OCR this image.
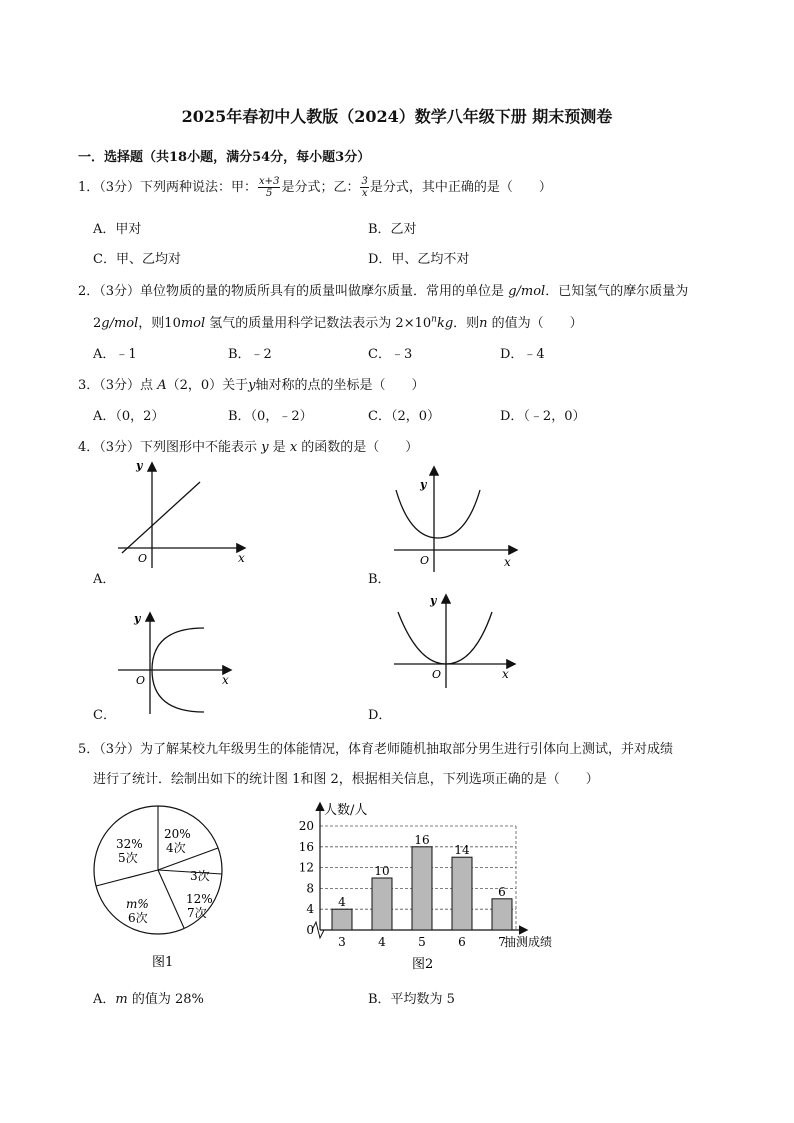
2025年春初中人教版（2024）数学八年级下册 期末预测卷
一．选择题（共18小题，满分54分，每小题3分）
1．（3分）下列两种说法：甲： $\frac{x+3}{5}$ 是分式；乙： $\frac{3}{x}$ 是分式，其中正确的是（　　）
A．甲对	B．乙对
C．甲、乙均对	D．甲、乙均不对
2．（3分）单位物质的量的物质所具有的质量叫做摩尔质量．常用的单位是 g/mol．已知氢气的摩尔质量为
2g/mol，则10mol 氢气的质量用科学记数法表示为 $2\times 10^nkg$．则n 的值为（　　）
A．﹣1	B．﹣2	C．﹣3	D．﹣4
3．（3分）点 A（2，0）关于y轴对称的点的坐标是（　　）
A．（0，2）	B．（0，﹣2）	C．（2，0）	D．（﹣2，0）
4．（3分）下列图形中不能表示 y 是 x 的函数的是（　　）
y
x
O
A．
y
x
O
B．
y
x
O
C．
y
x
O
D．
5．（3分）为了解某校九年级男生的体能情况，体育老师随机抽取部分男生进行引体向上测试，并对成绩
进行了统计．绘制出如下的统计图 1和图 2，根据相关信息，下列选项正确的是（　　）
20%
4次
3次
12%
7次
m%
6次
32%
5次
图1
0
4
8
12
16
20
3	4	5	6	7
4
10
16
14
6
人数/人
抽测成绩
图2
A．m 的值为 28%	B．平均数为 5
